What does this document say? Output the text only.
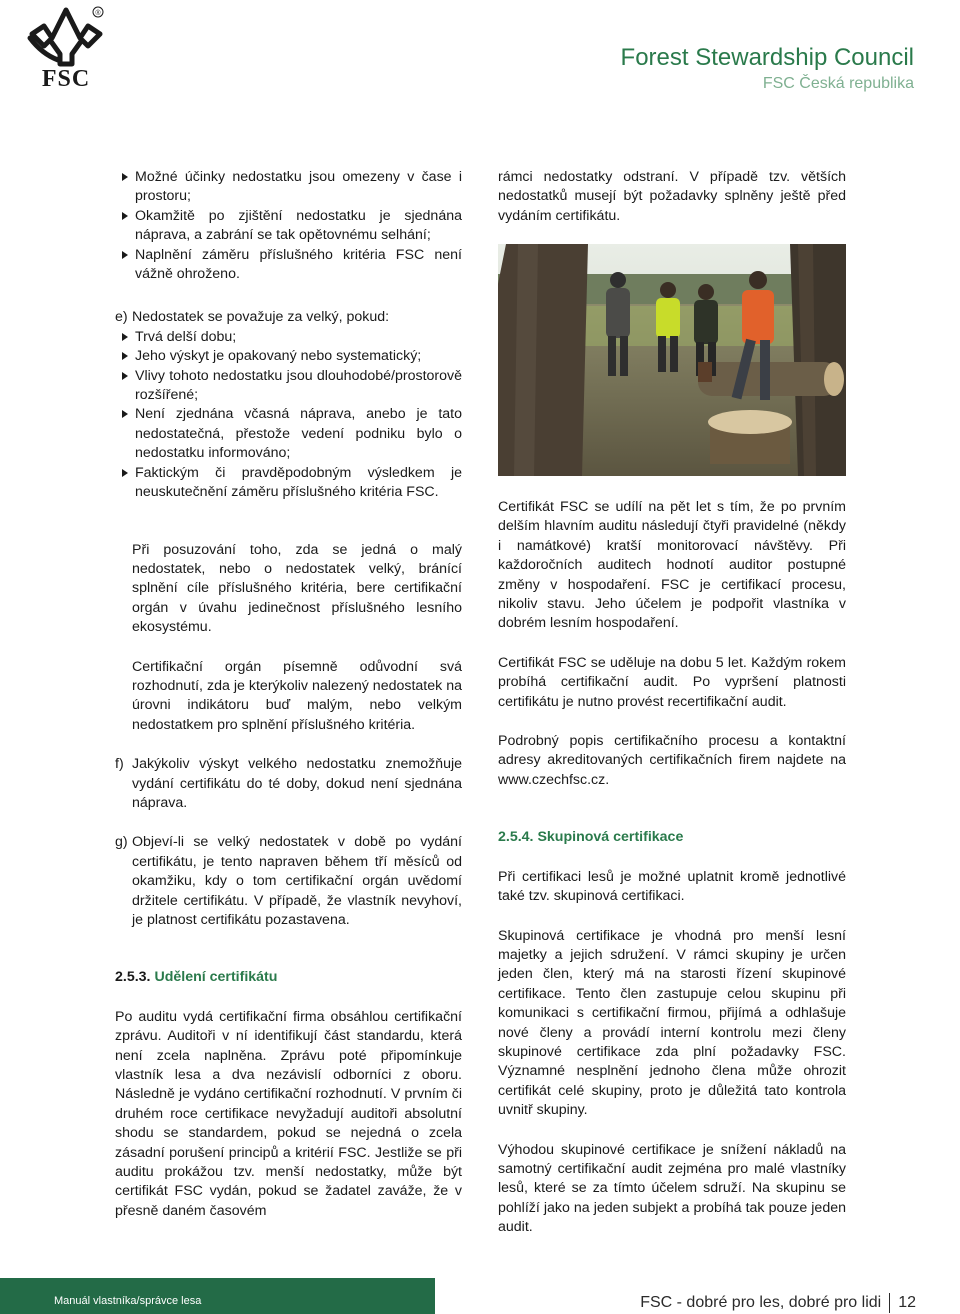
®
FSC
Forest Stewardship Council
FSC Česká republika
Možné účinky nedostatku jsou omezeny v čase i prostoru;
Okamžitě po zjištění nedostatku je sjednána náprava, a zabrání se tak opětovnému selhání;
Naplnění záměru příslušného kritéria FSC není vážně ohroženo.
e) Nedostatek se považuje za velký, pokud:
Trvá delší dobu;
Jeho výskyt je opakovaný nebo systematický;
Vlivy tohoto nedostatku jsou dlouhodobé/prostorově rozšířené;
Není zjednána včasná náprava, anebo je tato nedostatečná, přestože vedení podniku bylo o nedostatku informováno;
Faktickým či pravděpodobným výsledkem je neuskutečnění záměru příslušného kritéria FSC.

Při posuzování toho, zda se jedná o malý nedostatek, nebo o nedostatek velký, bránící splnění cíle příslušného kritéria, bere certifikační orgán v úvahu jedinečnost příslušného lesního ekosystému.

Certifikační orgán písemně odůvodní svá rozhodnutí, zda je kterýkoliv nalezený nedostatek na úrovni indikátoru buď malým, nebo velkým nedostatkem pro splnění příslušného kritéria.

f) Jakýkoliv výskyt velkého nedostatku znemožňuje vydání certifikátu do té doby, dokud není sjednána náprava.
g) Objeví-li se velký nedostatek v době po vydání certifikátu, je tento napraven během tří měsíců od okamžiku, kdy o tom certifikační orgán uvědomí držitele certifikátu. V případě, že vlastník nevyhoví, je platnost certifikátu pozastavena.
2.5.3. Udělení certifikátu

Po auditu vydá certifikační firma obsáhlou certifikační zprávu. Auditoři v ní identifikují část standardu, která není zcela naplněna. Zprávu poté připomínkuje vlastník lesa a dva nezávislí odborníci z oboru. Následně je vydáno certifikační rozhodnutí. V prvním či druhém roce certifikace nevyžadují auditoři absolutní shodu se standardem, pokud se nejedná o zcela zásadní porušení principů a kritérií FSC. Jestliže se při auditu prokážou tzv. menší nedostatky, může být certifikát FSC vydán, pokud se žadatel zaváže, že v přesně daném časovém

rámci nedostatky odstraní. V případě tzv. větších nedostatků musejí být požadavky splněny ještě před vydáním certifikátu.

Certifikát FSC se udílí na pět let s tím, že po prvním delším hlavním auditu následují čtyři pravidelné (někdy i namátkové) kratší monitorovací návštěvy. Při každoročních auditech hodnotí auditor postupné změny v hospodaření. FSC je certifikací procesu, nikoliv stavu. Jeho účelem je podpořit vlastníka v dobrém lesním hospodaření.

Certifikát FSC se uděluje na dobu 5 let. Každým rokem probíhá certifikační audit. Po vypršení platnosti certifikátu je nutno provést recertifikační audit.

Podrobný popis certifikačního procesu a kontaktní adresy akreditovaných certifikačních firem najdete na www.czechfsc.cz.

2.5.4. Skupinová certifikace

Při certifikaci lesů je možné uplatnit kromě jednotlivé také tzv. skupinová certifikaci.

Skupinová certifikace je vhodná pro menší lesní majetky a jejich sdružení. V rámci skupiny je určen jeden člen, který má na starosti řízení skupinové certifikace. Tento člen zastupuje celou skupinu při komunikaci s certifikační firmou, přijímá a odhlašuje nové členy a provádí interní kontrolu mezi členy skupinové certifikace zda plní požadavky FSC. Významné nesplnění jednoho člena může ohrozit certifikát celé skupiny, proto je důležitá tato kontrola uvnitř skupiny.

Výhodou skupinové certifikace je snížení nákladů na samotný certifikační audit zejména pro malé vlastníky lesů, které se za tímto účelem sdruží. Na skupinu se pohlíží jako na jeden subjekt a probíhá tak pouze jeden audit.

Manuál vlastníka/správce lesa	FSC - dobré pro les, dobré pro lidi 12
